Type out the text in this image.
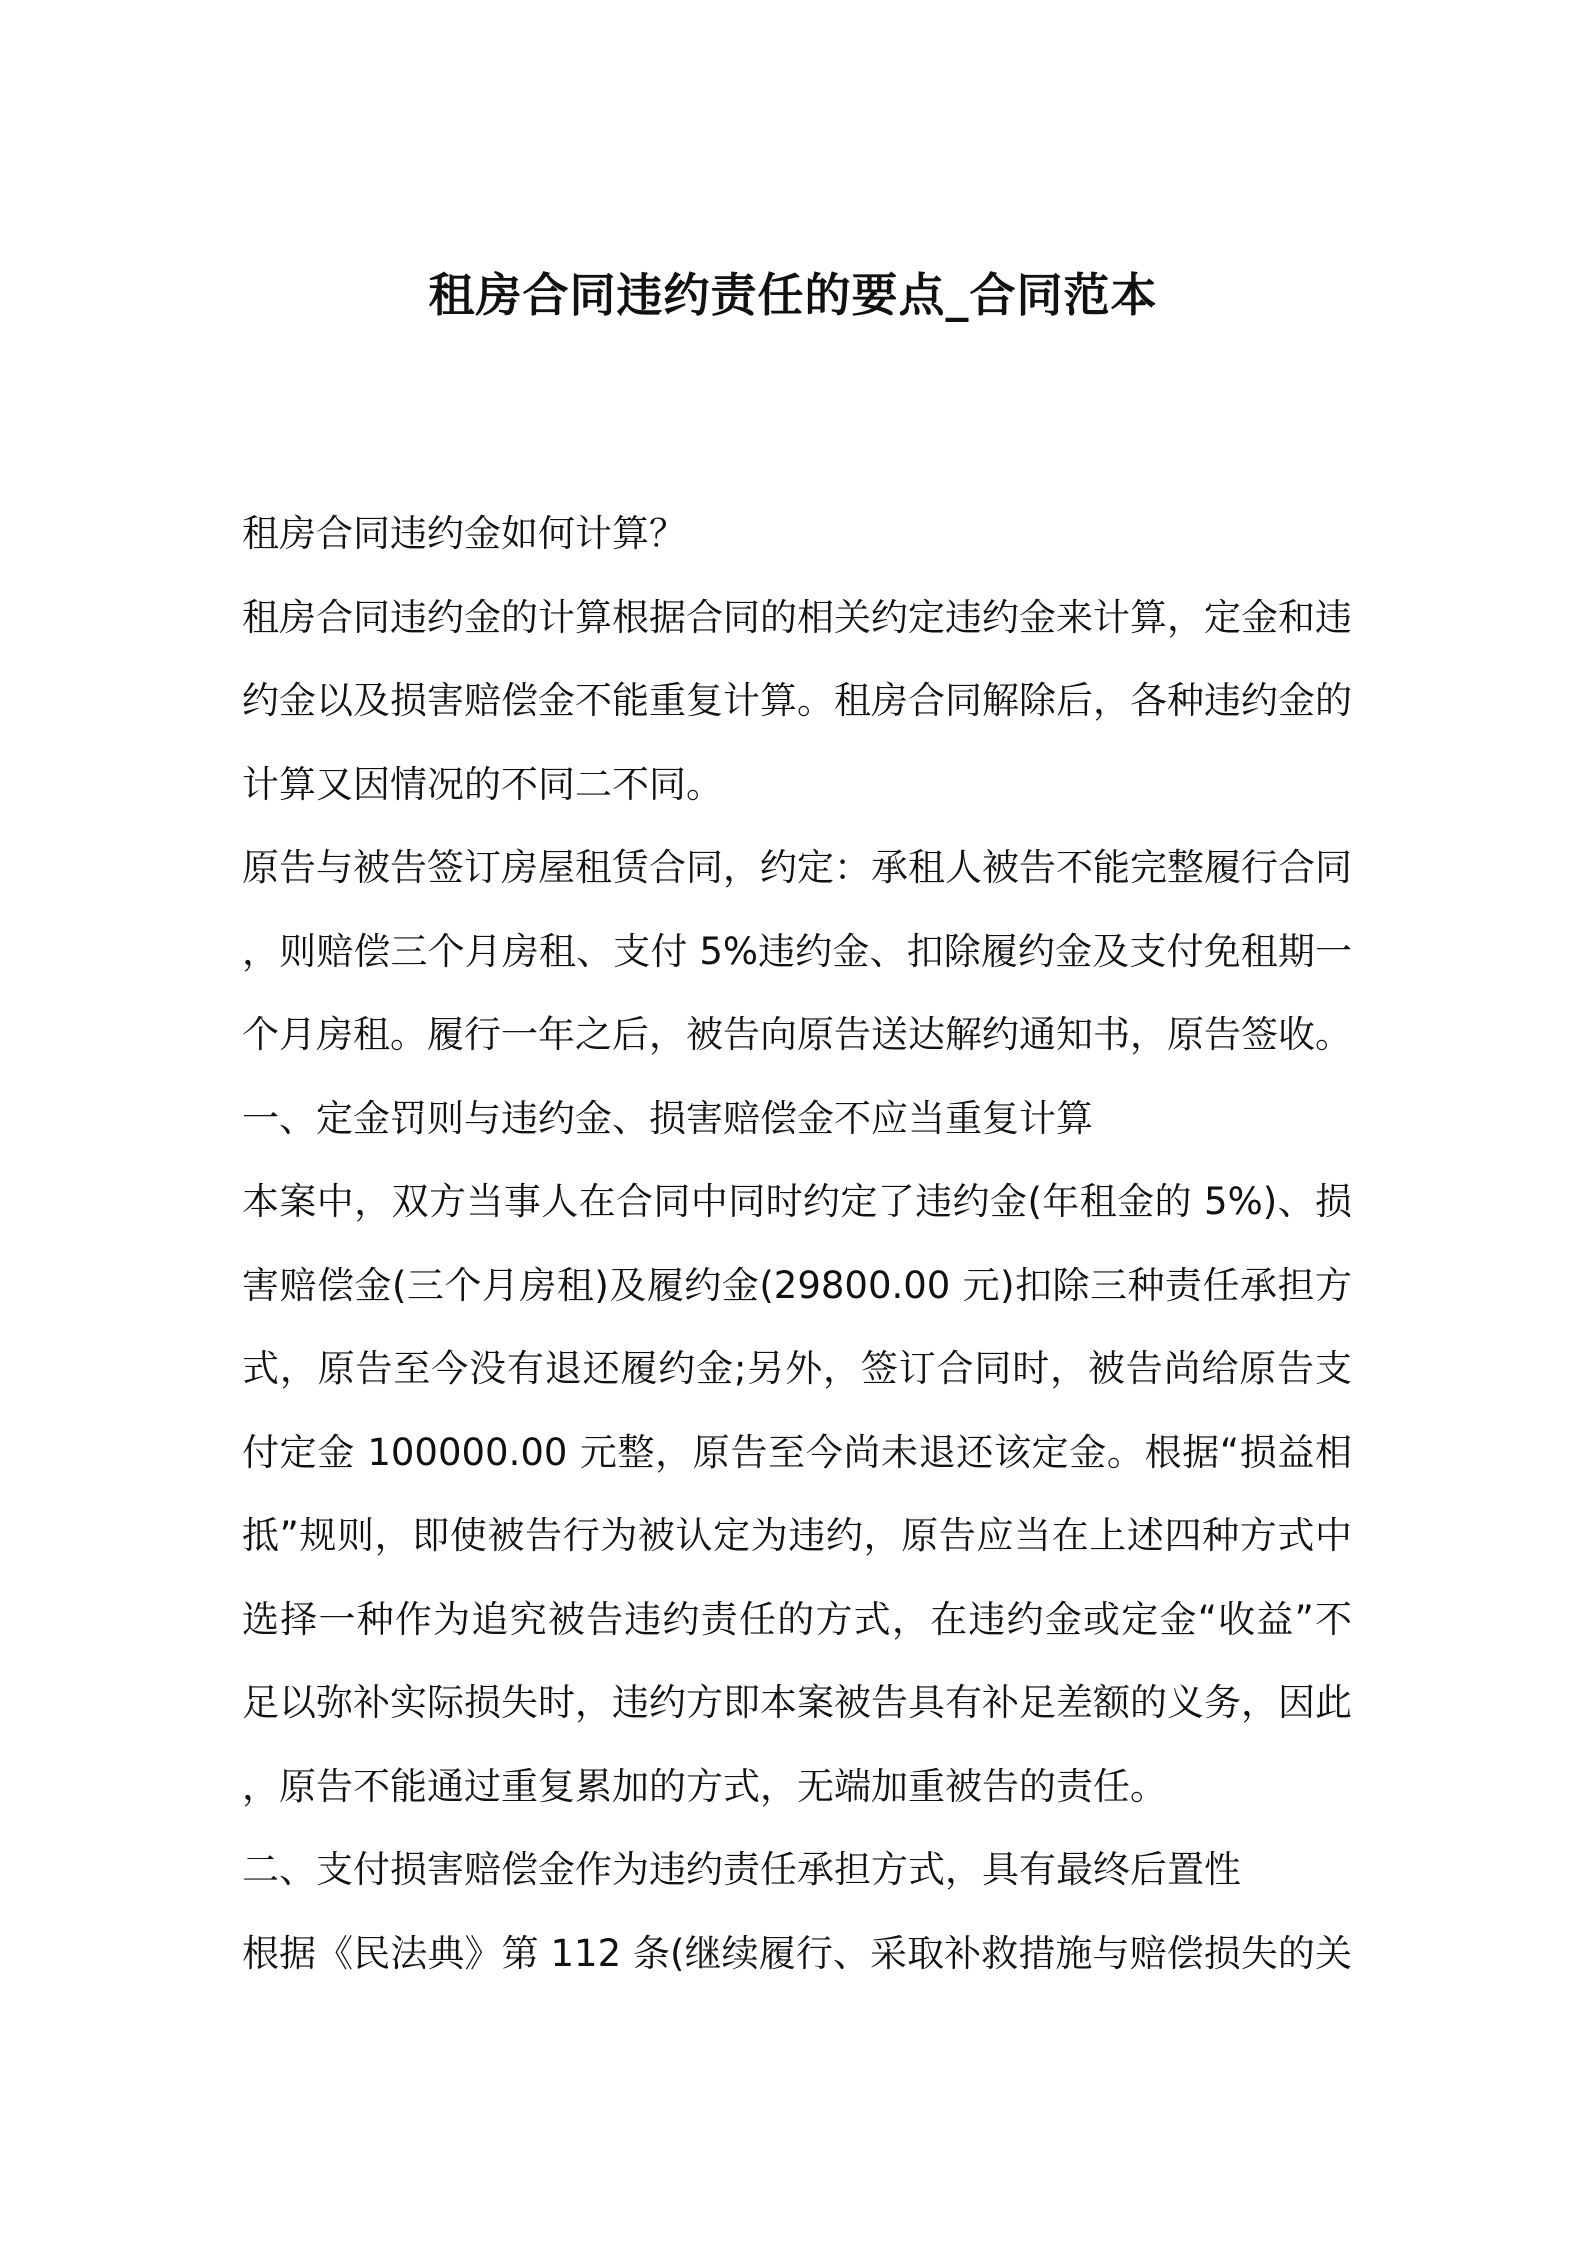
租房合同违约责任的要点_合同范本
租房合同违约金如何计算？
租房合同违约金的计算根据合同的相关约定违约金来计算，定金和违
约金以及损害赔偿金不能重复计算。租房合同解除后，各种违约金的
计算又因情况的不同二不同。
原告与被告签订房屋租赁合同，约定：承租人被告不能完整履行合同
，则赔偿三个月房租、支付 5%违约金、扣除履约金及支付免租期一
个月房租。履行一年之后，被告向原告送达解约通知书，原告签收。
一、定金罚则与违约金、损害赔偿金不应当重复计算
本案中，双方当事人在合同中同时约定了违约金(年租金的 5%)、损
害赔偿金(三个月房租)及履约金(29800.00 元)扣除三种责任承担方
式，原告至今没有退还履约金;另外，签订合同时，被告尚给原告支
付定金 100000.00 元整，原告至今尚未退还该定金。根据“损益相
抵”规则，即使被告行为被认定为违约，原告应当在上述四种方式中
选择一种作为追究被告违约责任的方式，在违约金或定金“收益”不
足以弥补实际损失时，违约方即本案被告具有补足差额的义务，因此
，原告不能通过重复累加的方式，无端加重被告的责任。
二、支付损害赔偿金作为违约责任承担方式，具有最终后置性
根据《民法典》第 112 条(继续履行、采取补救措施与赔偿损失的关
